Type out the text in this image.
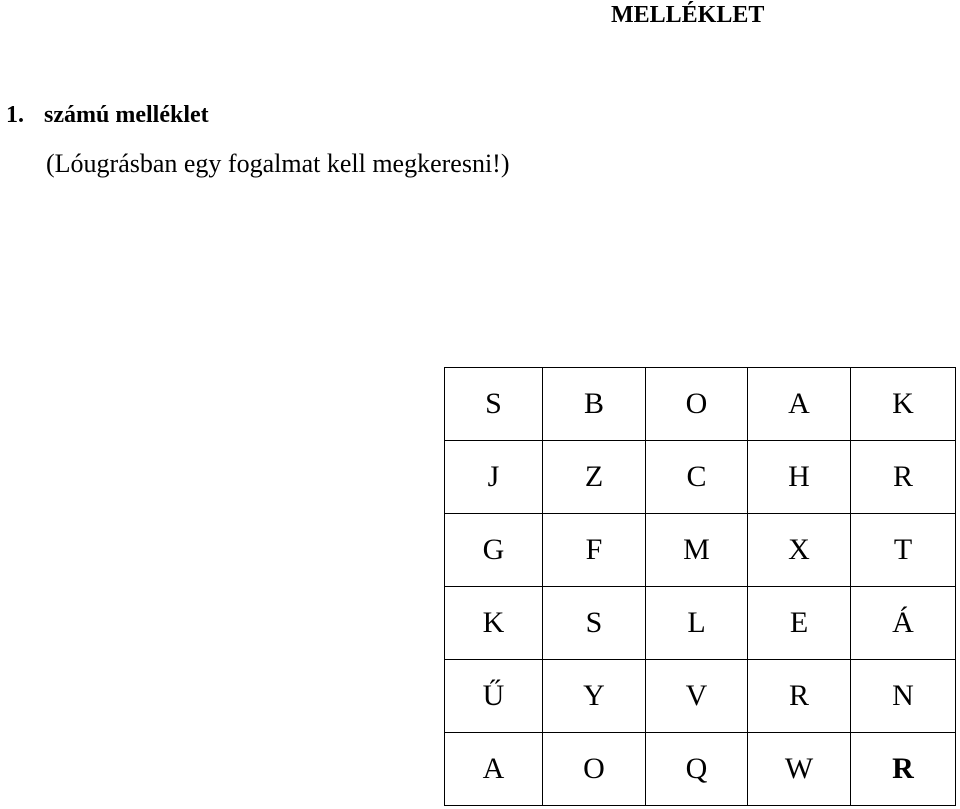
MELLÉKLET
1. számú melléklet
(Lóugrásban egy fogalmat kell megkeresni!)
S	B	O	A	K
J	Z	C	H	R
G	F	M	X	T
K	S	L	E	Á
Ű	Y	V	R	N
A	O	Q	W	R
